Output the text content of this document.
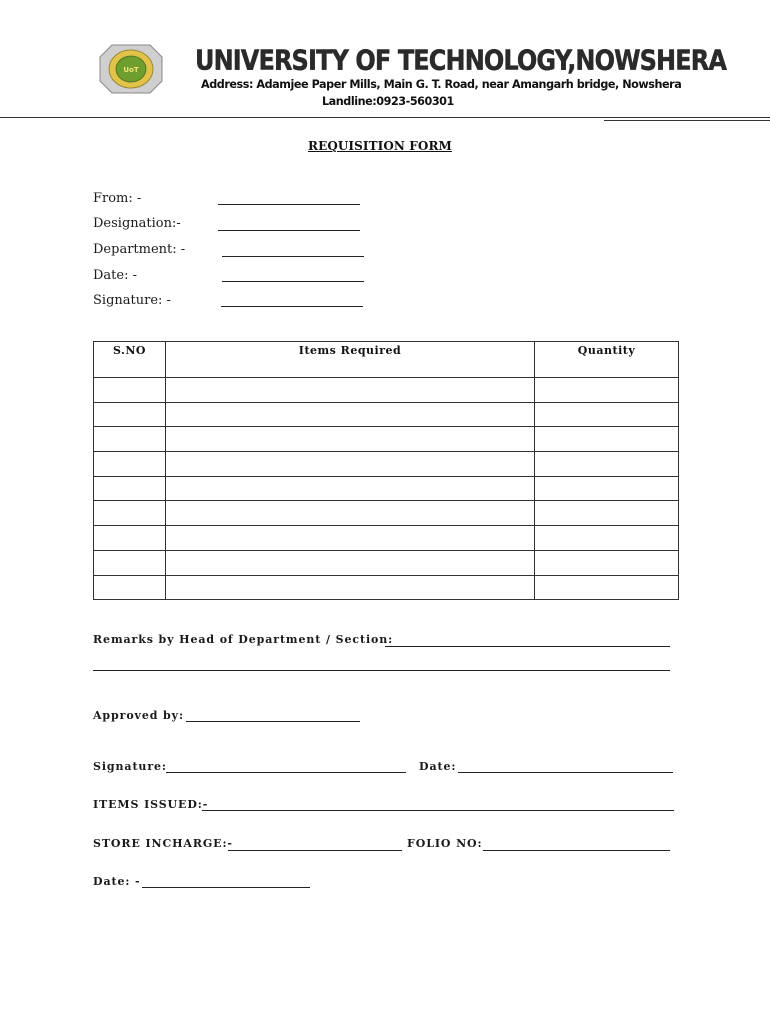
UoT UNIVERSITY OF TECHNOLOGY,NOWSHERA
Address: Adamjee Paper Mills, Main G. T. Road, near Amangarh bridge, Nowshera
Landline:0923-560301
REQUISITION FORM
From: -
Designation:-
Department: -
Date: -
Signature: -
S.NO	Items Required	Quantity

Remarks by Head of Department / Section:
Approved by:
Signature:	Date:
ITEMS ISSUED:-
STORE INCHARGE:-	FOLIO NO:
Date: -
